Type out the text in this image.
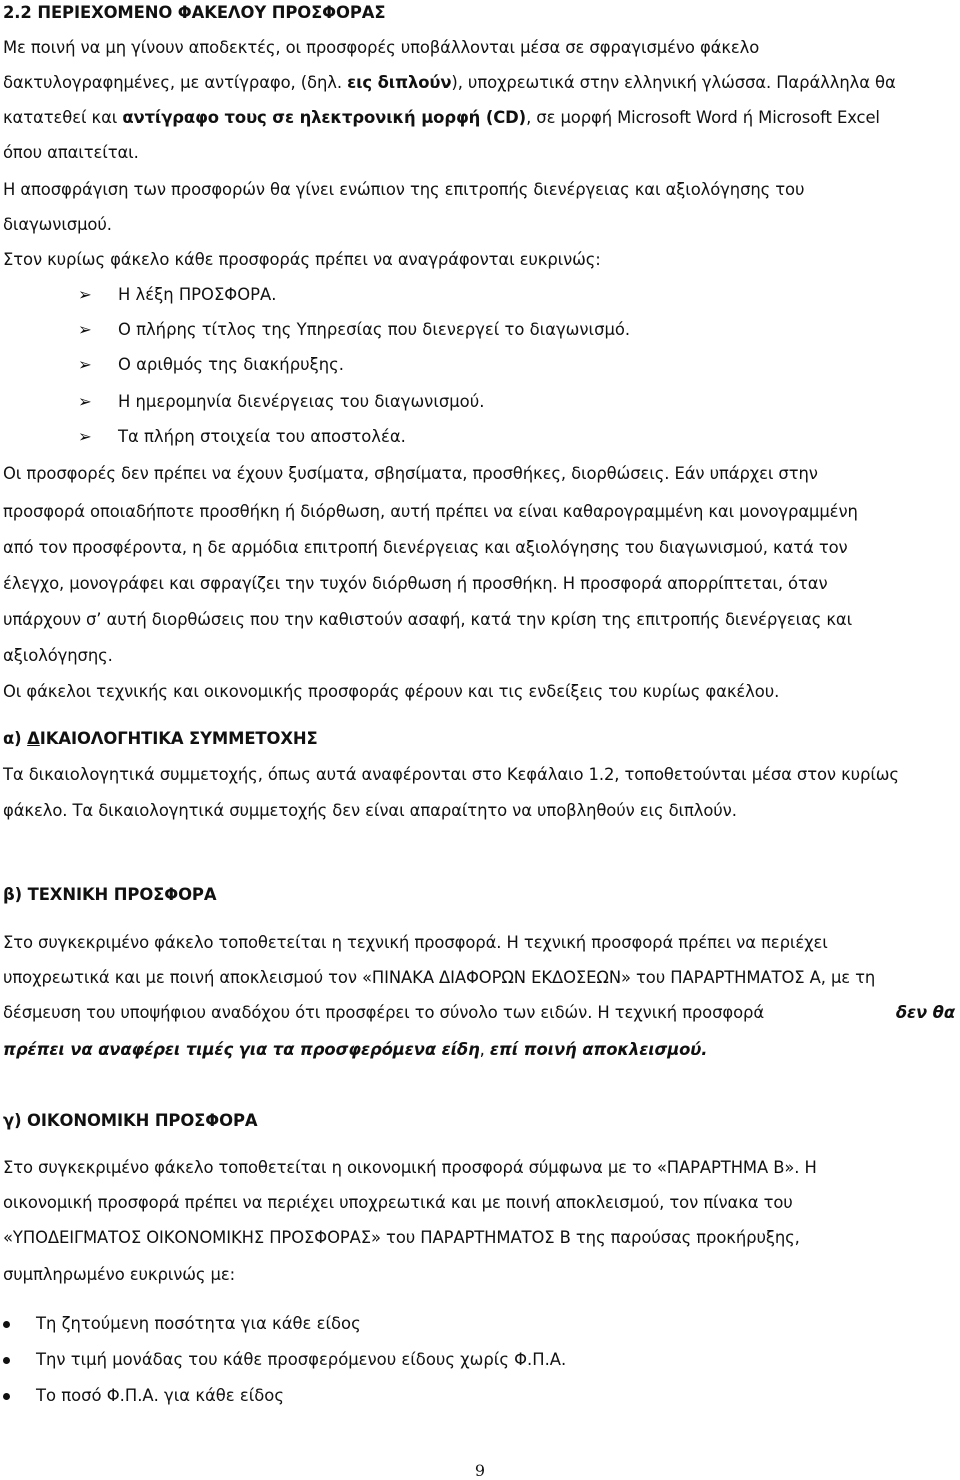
2.2 ΠΕΡΙΕΧΟΜΕΝΟ ΦΑΚΕΛΟΥ ΠΡΟΣΦΟΡΑΣ
Με ποινή να μη γίνουν αποδεκτές, οι προσφορές υποβάλλονται μέσα σε σφραγισμένο φάκελο
δακτυλογραφημένες, με αντίγραφο, (δηλ. εις διπλούν), υποχρεωτικά στην ελληνική γλώσσα. Παράλληλα θα
κατατεθεί και αντίγραφο τους σε ηλεκτρονική μορφή (CD), σε μορφή Microsoft Word ή Microsoft Excel
όπου απαιτείται.
Η αποσφράγιση των προσφορών θα γίνει ενώπιον της επιτροπής διενέργειας και αξιολόγησης του
διαγωνισμού.
Στον κυρίως φάκελο κάθε προσφοράς πρέπει να αναγράφονται ευκρινώς:
➢	Η λέξη ΠΡΟΣΦΟΡΑ.
➢	Ο πλήρης τίτλος της Υπηρεσίας που διενεργεί το διαγωνισμό.
➢	Ο αριθμός της διακήρυξης.
➢	Η ημερομηνία διενέργειας του διαγωνισμού.
➢	Τα πλήρη στοιχεία του αποστολέα.
Οι προσφορές δεν πρέπει να έχουν ξυσίματα, σβησίματα, προσθήκες, διορθώσεις. Εάν υπάρχει στην
προσφορά οποιαδήποτε προσθήκη ή διόρθωση, αυτή πρέπει να είναι καθαρογραμμένη και μονογραμμένη
από τον προσφέροντα, η δε αρμόδια επιτροπή διενέργειας και αξιολόγησης του διαγωνισμού, κατά τον
έλεγχο, μονογράφει και σφραγίζει την τυχόν διόρθωση ή προσθήκη. Η προσφορά απορρίπτεται, όταν
υπάρχουν σ’ αυτή διορθώσεις που την καθιστούν ασαφή, κατά την κρίση της επιτροπής διενέργειας και
αξιολόγησης.
Οι φάκελοι τεχνικής και οικονομικής προσφοράς φέρουν και τις ενδείξεις του κυρίως φακέλου.
α) ΔΙΚΑΙΟΛΟΓΗΤΙΚΑ ΣΥΜΜΕΤΟΧΗΣ
Τα δικαιολογητικά συμμετοχής, όπως αυτά αναφέρονται στο Κεφάλαιο 1.2, τοποθετούνται μέσα στον κυρίως
φάκελο. Τα δικαιολογητικά συμμετοχής δεν είναι απαραίτητο να υποβληθούν εις διπλούν.
β) ΤΕΧΝΙΚΗ ΠΡΟΣΦΟΡΑ
Στο συγκεκριμένο φάκελο τοποθετείται η τεχνική προσφορά. Η τεχνική προσφορά πρέπει να περιέχει
υποχρεωτικά και με ποινή αποκλεισμού τον «ΠΙΝΑΚΑ ΔΙΑΦΟΡΩΝ ΕΚΔΟΣΕΩΝ» του ΠΑΡΑΡΤΗΜΑΤΟΣ Α, με τη
δέσμευση του υποψήφιου αναδόχου ότι προσφέρει το σύνολο των ειδών. Η τεχνική προσφορά	δεν θα
πρέπει να αναφέρει τιμές για τα προσφερόμενα είδη, επί ποινή αποκλεισμού.
γ) ΟΙΚΟΝΟΜΙΚΗ ΠΡΟΣΦΟΡΑ
Στο συγκεκριμένο φάκελο τοποθετείται η οικονομική προσφορά σύμφωνα με το «ΠΑΡΑΡΤΗΜΑ Β». Η
οικονομική προσφορά πρέπει να περιέχει υποχρεωτικά και με ποινή αποκλεισμού, τον πίνακα του
«ΥΠΟΔΕΙΓΜΑΤΟΣ ΟΙΚΟΝΟΜΙΚΗΣ ΠΡΟΣΦΟΡΑΣ» του ΠΑΡΑΡΤΗΜΑΤΟΣ Β της παρούσας προκήρυξης,
συμπληρωμένο ευκρινώς με:
Τη ζητούμενη ποσότητα για κάθε είδος
Την τιμή μονάδας του κάθε προσφερόμενου είδους χωρίς Φ.Π.Α.
Το ποσό Φ.Π.Α. για κάθε είδος
9
